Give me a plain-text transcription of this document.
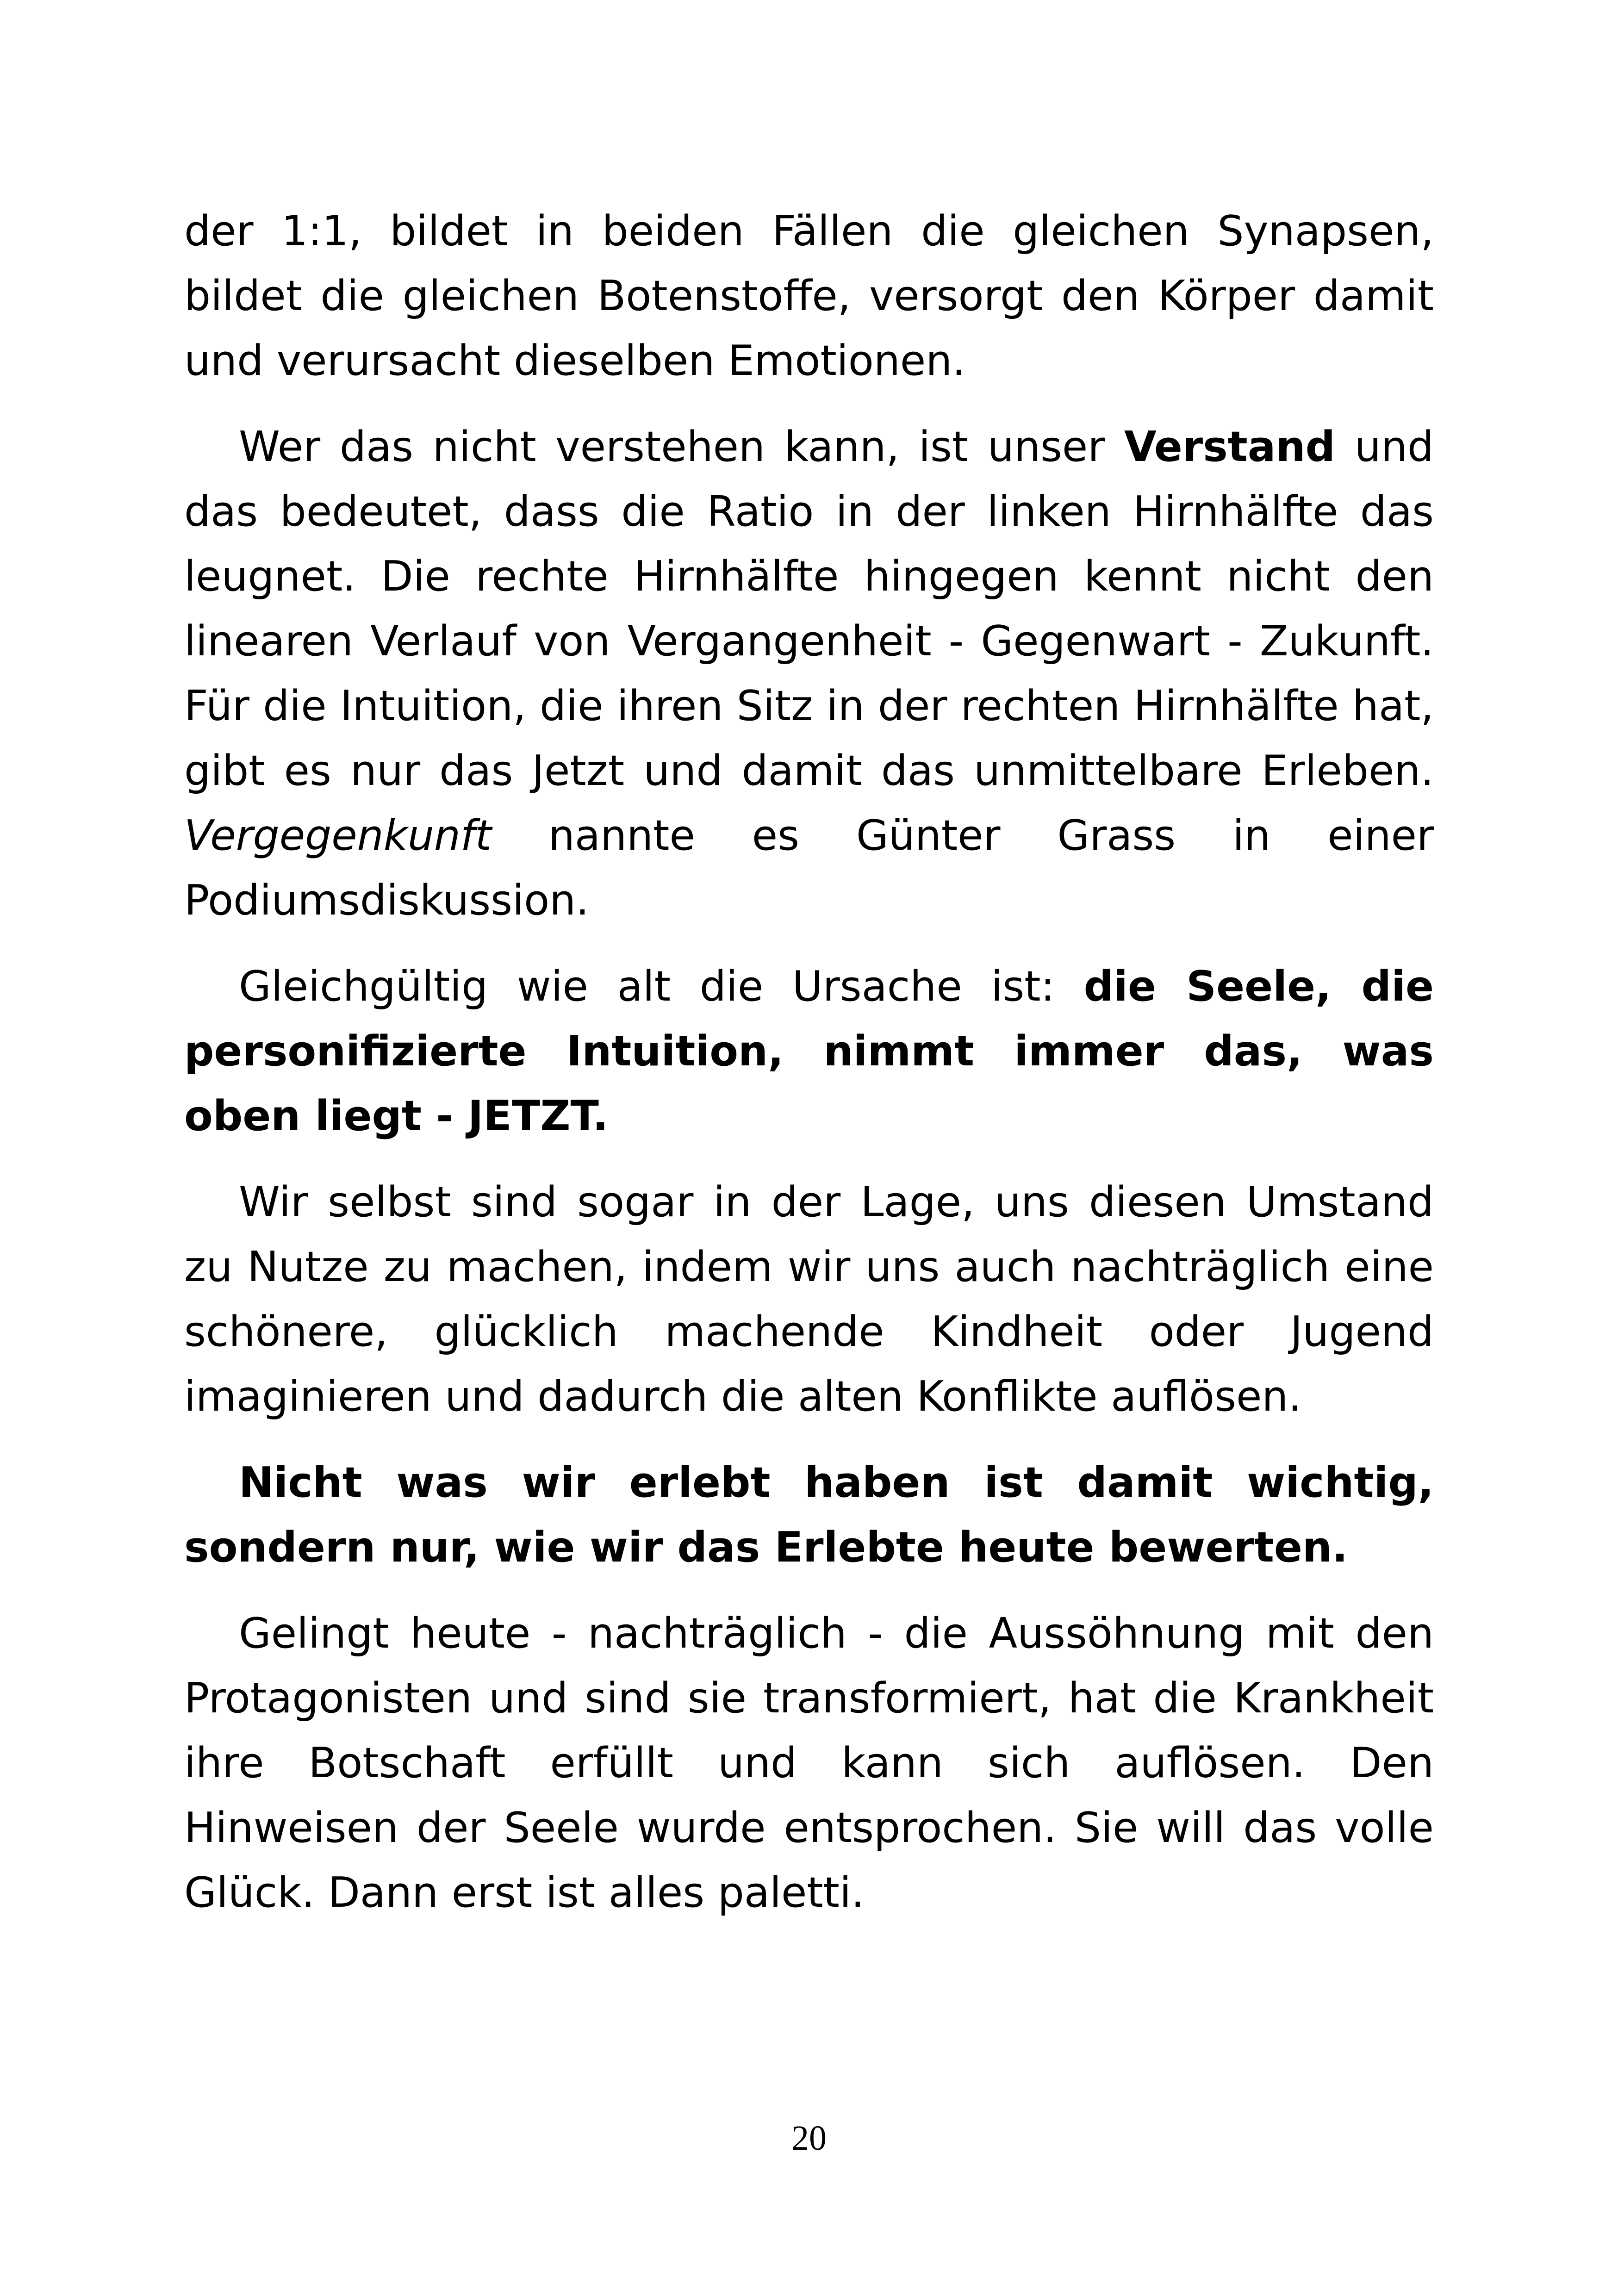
der 1:1, bildet in beiden Fällen die gleichen Synapsen, bildet die gleichen Botenstoffe, versorgt den Körper damit und verursacht dieselben Emotionen.

Wer das nicht verstehen kann, ist unser Verstand und das bedeutet, dass die Ratio in der linken Hirnhälfte das leugnet. Die rechte Hirnhälfte hingegen kennt nicht den linearen Verlauf von Vergangenheit - Gegenwart - Zukunft. Für die Intuition, die ihren Sitz in der rechten Hirnhälfte hat, gibt es nur das Jetzt und damit das unmittelbare Erleben. Vergegenkunft nannte es Günter Grass in einer Podiumsdiskussion.

Gleichgültig wie alt die Ursache ist: die Seele, die personifizierte Intuition, nimmt immer das, was oben liegt - JETZT.

Wir selbst sind sogar in der Lage, uns diesen Umstand zu Nutze zu machen, indem wir uns auch nachträglich eine schönere, glücklich machende Kindheit oder Jugend imaginieren und dadurch die alten Konflikte auflösen.

Nicht was wir erlebt haben ist damit wichtig, sondern nur, wie wir das Erlebte heute bewerten.

Gelingt heute - nachträglich - die Aussöhnung mit den Protagonisten und sind sie transformiert, hat die Krankheit ihre Botschaft erfüllt und kann sich auflösen. Den Hinweisen der Seele wurde entsprochen. Sie will das volle Glück. Dann erst ist alles paletti.

20
